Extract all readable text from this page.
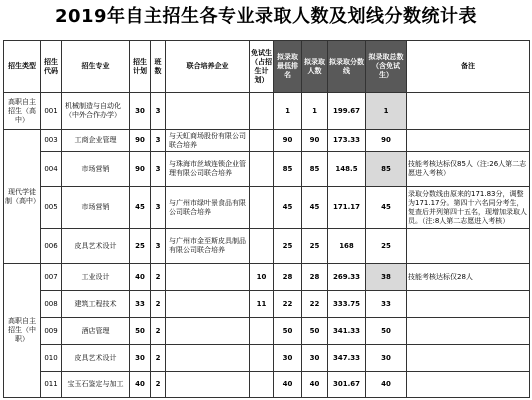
2019年自主招生各专业录取人数及划线分数统计表
招生类型	招生代码	招生专业	招生计划	班数	联合培养企业	免试生（占招生计划）	拟录取最低排名	拟录取人数	拟录取分数线	拟录取总数（含免试生）	备注
高职自主招生（高中）	001	机械制造与自动化（中外合作办学）	30	3			1	1	199.67	1	
现代学徒制（高中）	003	工商企业管理	90	3	与天虹商场股份有限公司联合培养		90	90	173.33	90	
	004	市场营销	90	3	与珠海市丝域连锁企业管理有限公司联合培养		85	85	148.5	85	技能考核达标仅85人（注:26人第二志愿进入考核）
	005	市场营销	45	3	与广州市绿叶景食品有限公司联合培养		45	45	171.17	45	录取分数线由原来的171.83分，调整为171.17分。第四十六名同分考生，复查后并列第四十五名，现增加录取人员。（注:8人第二志愿进入考核）
	006	皮具艺术设计	25	3	与广州市金至斯皮具制品有限公司联合培养		25	25	168	25	
高职自主招生（中职）	007	工业设计	40	2		10	28	28	269.33	38	技能考核达标仅28人
	008	建筑工程技术	33	2		11	22	22	333.75	33	
	009	酒店管理	50	2			50	50	341.33	50	
	010	皮具艺术设计	30	2			30	30	347.33	30	
	011	宝玉石鉴定与加工	40	2			40	40	301.67	40	
